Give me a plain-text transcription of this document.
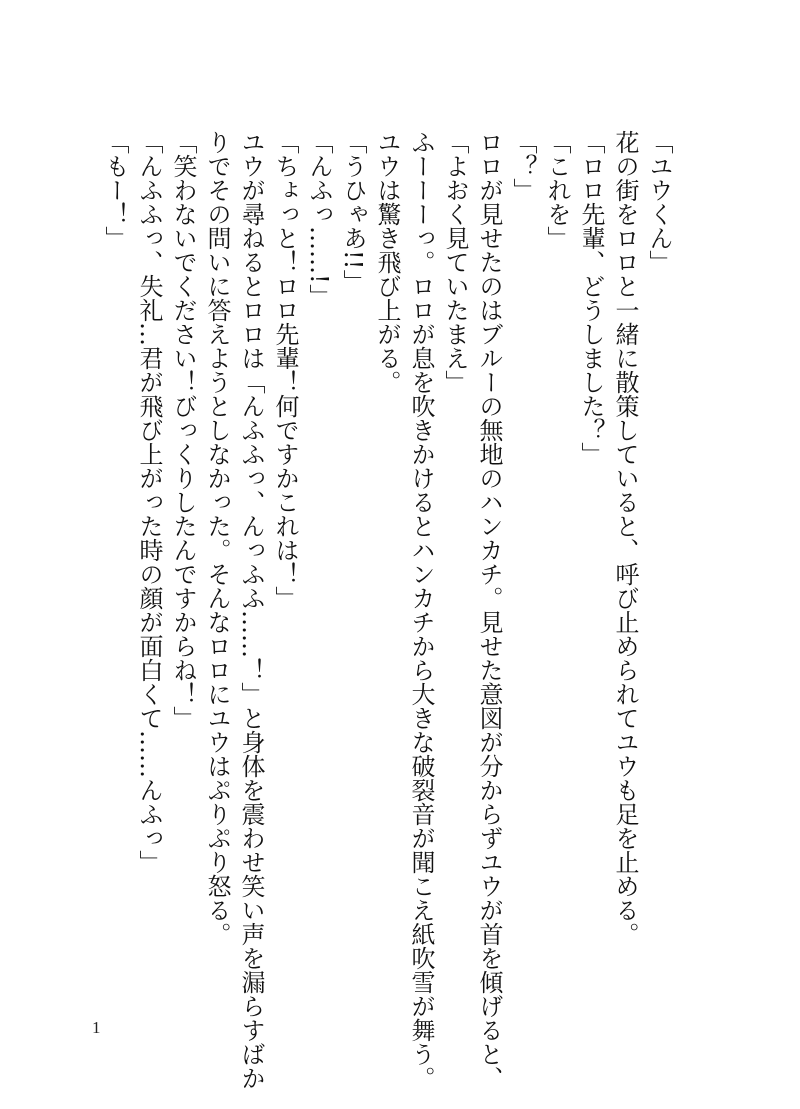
「ユウくん」
花の街をロロと一緒に散策していると、呼び止められてユウも足を止める。
「ロロ先輩、どうしました？」
「これを」
「？」
ロロが見せたのはブルーの無地のハンカチ。見せた意図が分からずユウが首を傾げると、
「よおく見ていたまえ」
ふーーーっ。ロロが息を吹きかけるとハンカチから大きな破裂音が聞こえ紙吹雪が舞う。
ユウは驚き飛び上がる。
「うひゃあ!!」
「んふっ……!」
「ちょっと！ロロ先輩！何ですかこれは！」
ユウが尋ねるとロロは「んふふっ、んっふふ……！」と身体を震わせ笑い声を漏らすばか
りでその問いに答えようとしなかった。そんなロロにユウはぷりぷり怒る。
「笑わないでください！びっくりしたんですからね！」
「んふふっ、失礼…君が飛び上がった時の顔が面白くて……んふっ」
「もー！」
1
